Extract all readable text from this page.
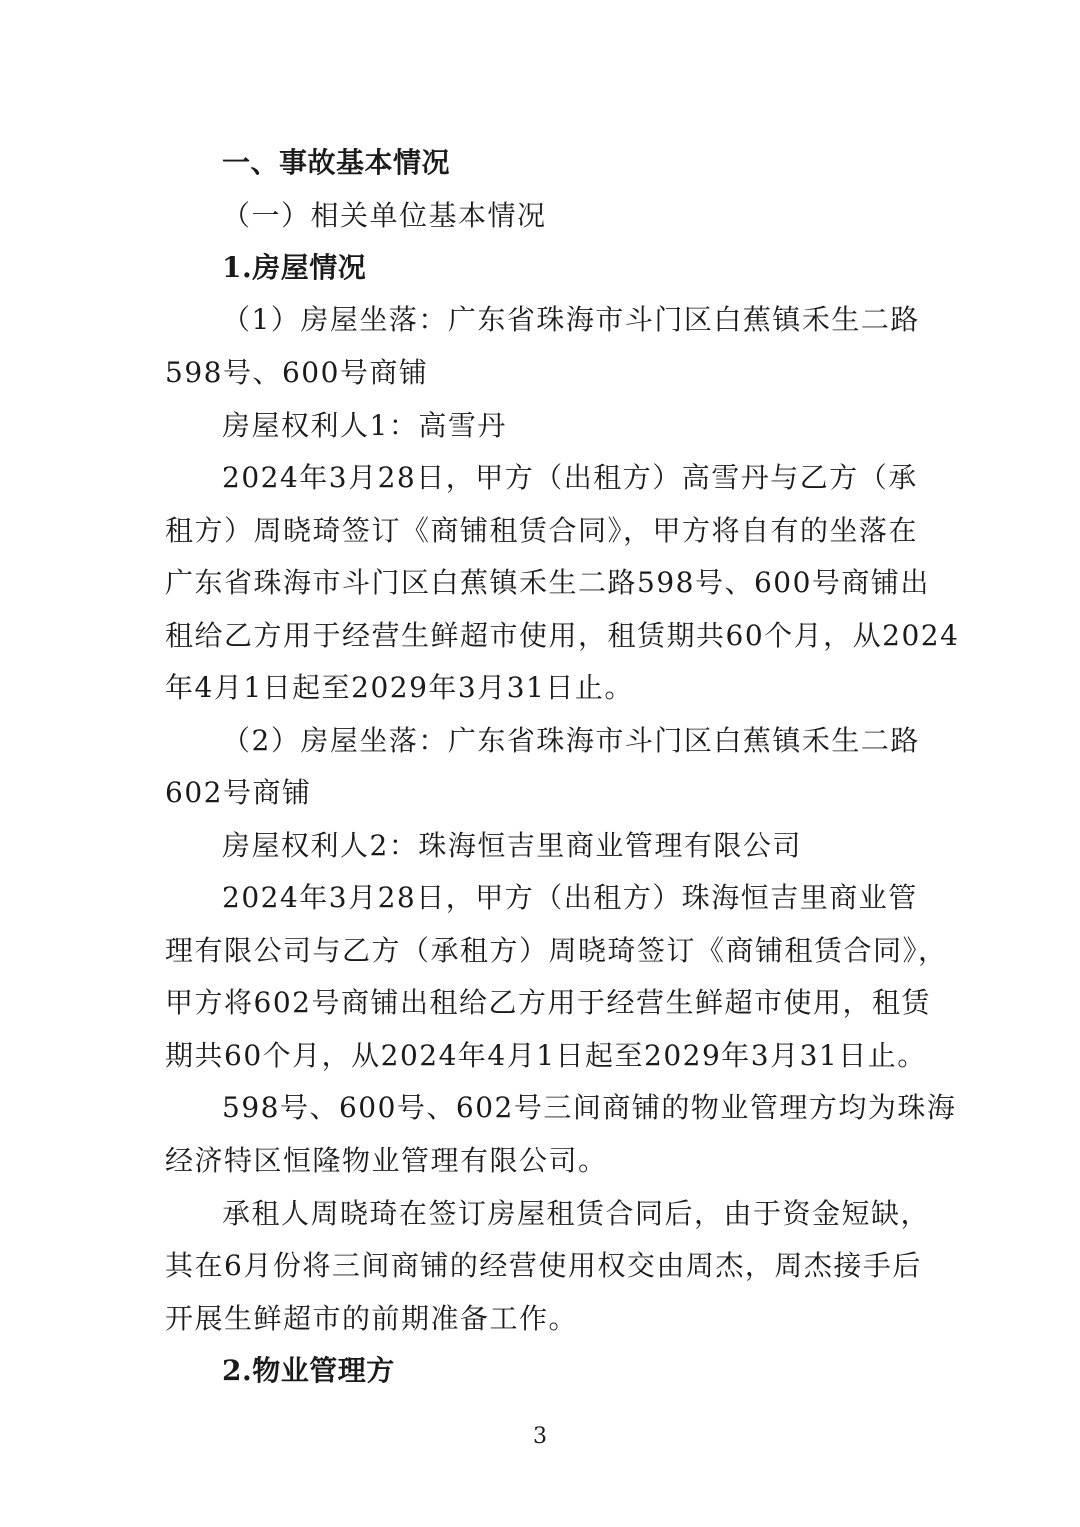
一、事故基本情况
（一）相关单位基本情况
1.房屋情况
（1）房屋坐落：广东省珠海市斗门区白蕉镇禾生二路
598号、600号商铺
房屋权利人1：高雪丹
2024年3月28日，甲方（出租方）高雪丹与乙方（承
租方）周晓琦签订《商铺租赁合同》，甲方将自有的坐落在
广东省珠海市斗门区白蕉镇禾生二路598号、600号商铺出
租给乙方用于经营生鲜超市使用，租赁期共60个月，从2024
年4月1日起至2029年3月31日止。
（2）房屋坐落：广东省珠海市斗门区白蕉镇禾生二路
602号商铺
房屋权利人2：珠海恒吉里商业管理有限公司
2024年3月28日，甲方（出租方）珠海恒吉里商业管
理有限公司与乙方（承租方）周晓琦签订《商铺租赁合同》，
甲方将602号商铺出租给乙方用于经营生鲜超市使用，租赁
期共60个月，从2024年4月1日起至2029年3月31日止。
598号、600号、602号三间商铺的物业管理方均为珠海
经济特区恒隆物业管理有限公司。
承租人周晓琦在签订房屋租赁合同后，由于资金短缺，
其在6月份将三间商铺的经营使用权交由周杰，周杰接手后
开展生鲜超市的前期准备工作。
2.物业管理方
3
